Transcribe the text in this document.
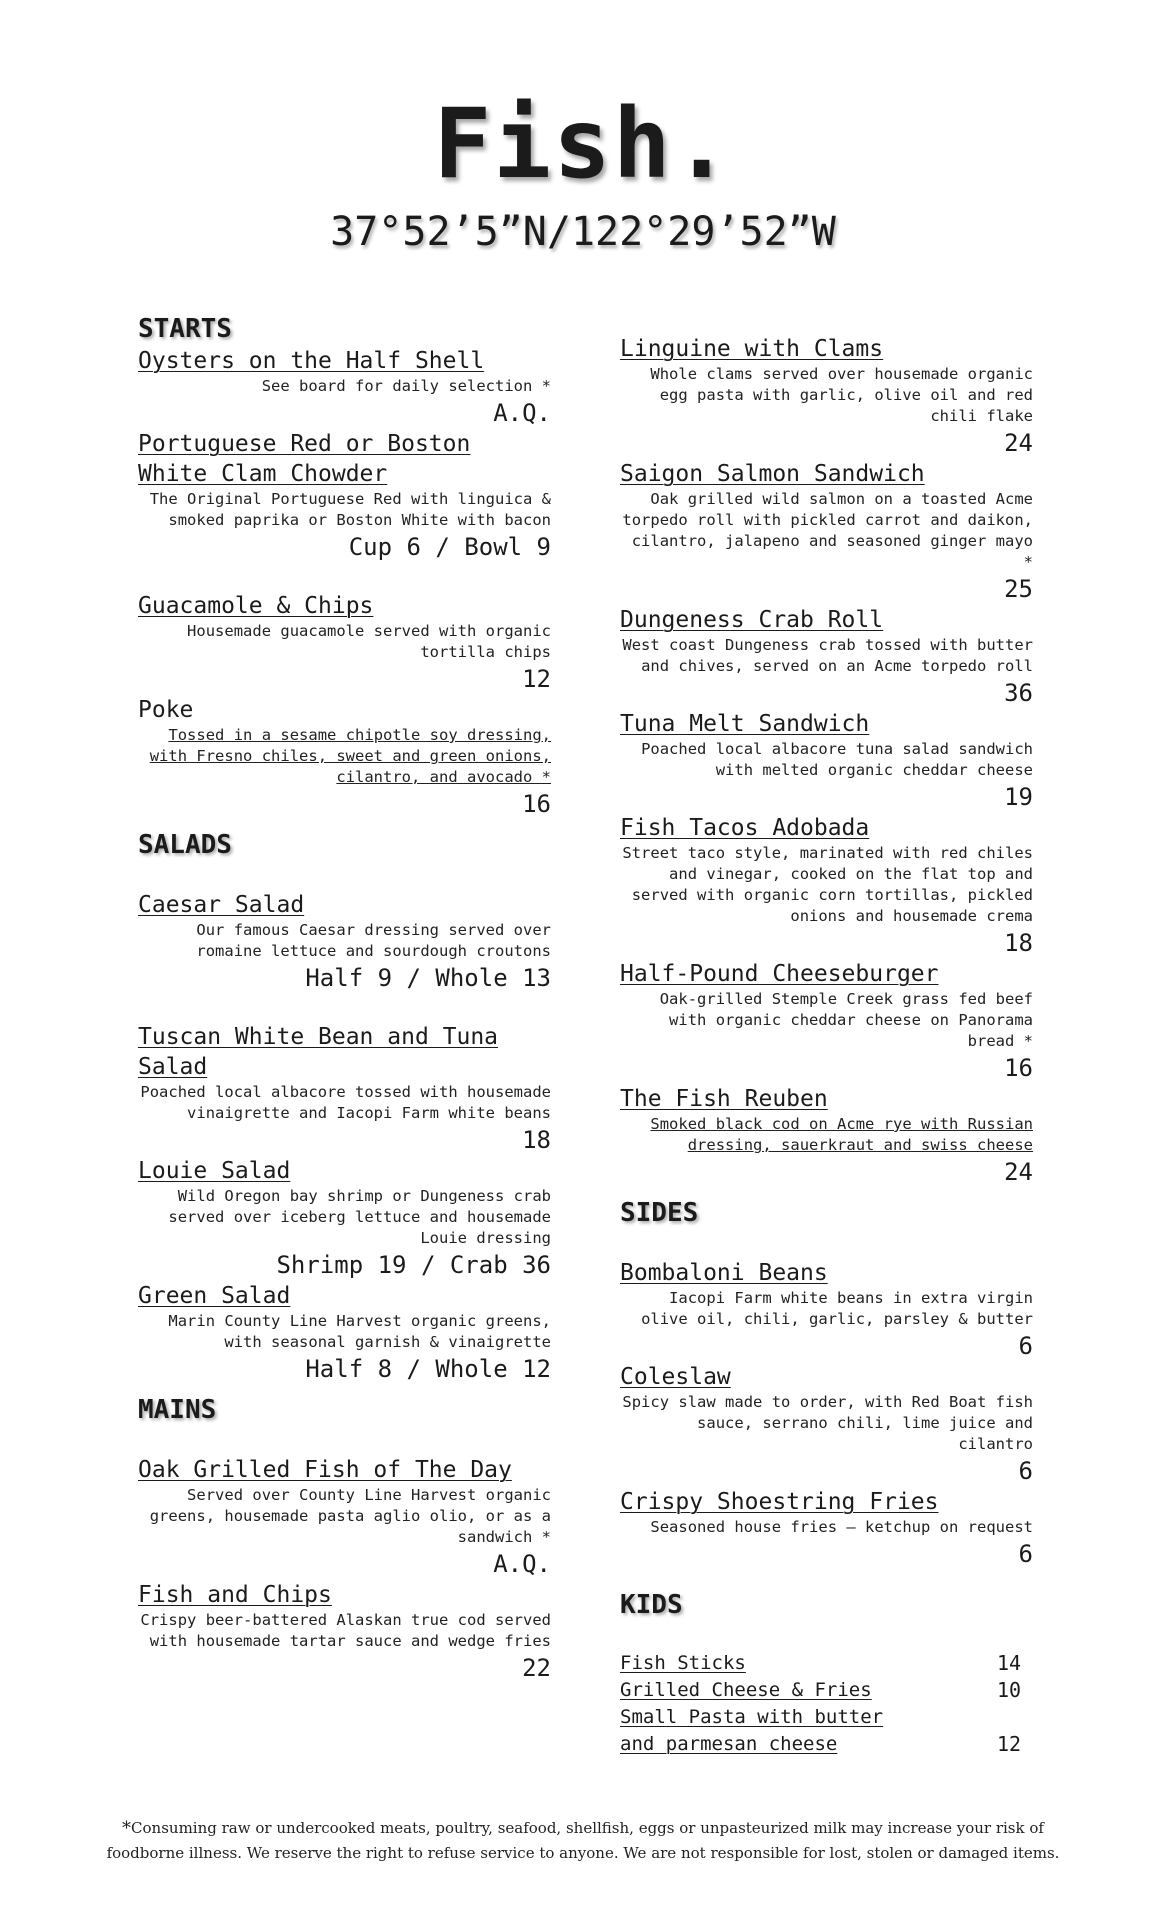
Fish.
37°52’5”N/122°29’52”W
STARTS
Oysters on the Half Shell
See board for daily selection *
A.Q.
Portuguese Red or Boston White Clam Chowder
The Original Portuguese Red with linguica & smoked paprika or Boston White with bacon
Cup 6 / Bowl 9
Guacamole & Chips
Housemade guacamole served with organic tortilla chips
12
Poke
Tossed in a sesame chipotle soy dressing, with Fresno chiles, sweet and green onions, cilantro, and avocado *
16
SALADS
Caesar Salad
Our famous Caesar dressing served over romaine lettuce and sourdough croutons
Half 9 / Whole 13
Tuscan White Bean and Tuna Salad
Poached local albacore tossed with housemade vinaigrette and Iacopi Farm white beans
18
Louie Salad
Wild Oregon bay shrimp or Dungeness crab served over iceberg lettuce and housemade Louie dressing
Shrimp 19 / Crab 36
Green Salad
Marin County Line Harvest organic greens, with seasonal garnish & vinaigrette
Half 8 / Whole 12
MAINS
Oak Grilled Fish of The Day
Served over County Line Harvest organic greens, housemade pasta aglio olio, or as a sandwich *
A.Q.
Fish and Chips
Crispy beer-battered Alaskan true cod served with housemade tartar sauce and wedge fries
22
Linguine with Clams
Whole clams served over housemade organic egg pasta with garlic, olive oil and red chili flake
24
Saigon Salmon Sandwich
Oak grilled wild salmon on a toasted Acme torpedo roll with pickled carrot and daikon, cilantro, jalapeno and seasoned ginger mayo *
25
Dungeness Crab Roll
West coast Dungeness crab tossed with butter and chives, served on an Acme torpedo roll
36
Tuna Melt Sandwich
Poached local albacore tuna salad sandwich with melted organic cheddar cheese
19
Fish Tacos Adobada
Street taco style, marinated with red chiles and vinegar, cooked on the flat top and served with organic corn tortillas, pickled onions and housemade crema
18
Half-Pound Cheeseburger
Oak-grilled Stemple Creek grass fed beef with organic cheddar cheese on Panorama bread *
16
The Fish Reuben
Smoked black cod on Acme rye with Russian dressing, sauerkraut and swiss cheese
24
SIDES
Bombaloni Beans
Iacopi Farm white beans in extra virgin olive oil, chili, garlic, parsley & butter
6
Coleslaw
Spicy slaw made to order, with Red Boat fish sauce, serrano chili, lime juice and cilantro
6
Crispy Shoestring Fries
Seasoned house fries – ketchup on request
6
KIDS
Fish Sticks	14
Grilled Cheese & Fries	10
Small Pasta with butter and parmesan cheese	12
*Consuming raw or undercooked meats, poultry, seafood, shellfish, eggs or unpasteurized milk may increase your risk of
foodborne illness. We reserve the right to refuse service to anyone. We are not responsible for lost, stolen or damaged items.
